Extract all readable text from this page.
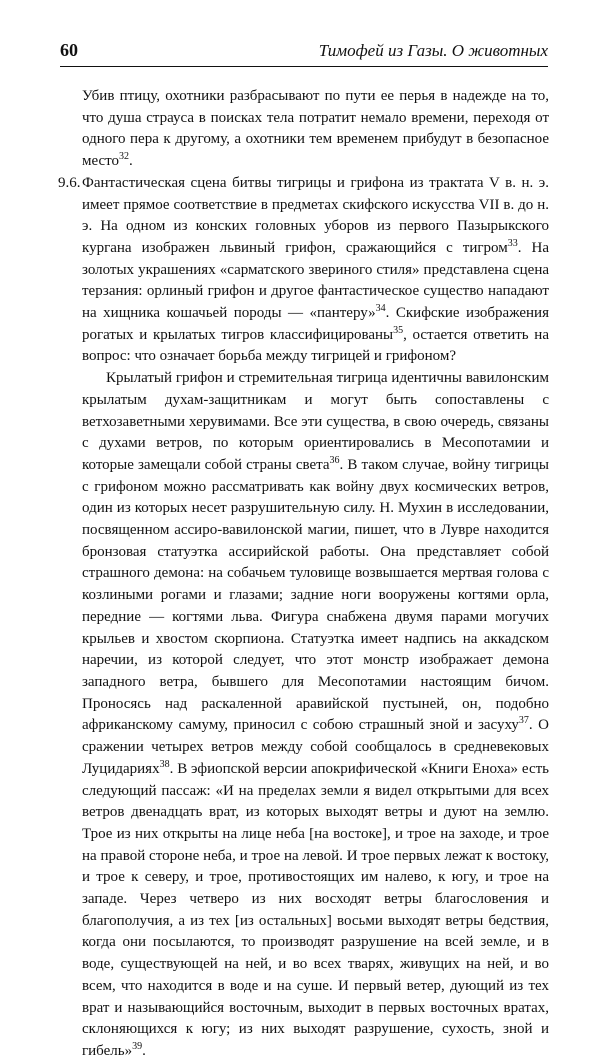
60	Тимофей из Газы. О животных

Убив птицу, охотники разбрасывают по пути ее перья в надежде на то, что душа страуса в поисках тела потратит немало времени, переходя от одного пера к другому, а охотники тем временем прибудут в безопасное место$^{32}$.

9.6. Фантастическая сцена битвы тигрицы и грифона из трактата V в. н. э. имеет прямое соответствие в предметах скифского искусства VII в. до н. э. На одном из конских головных уборов из первого Пазырыкского кургана изображен львиный грифон, сражающийся с тигром$^{33}$. На золотых украшениях «сарматского звериного стиля» представлена сцена терзания: орлиный грифон и другое фантастическое существо нападают на хищника кошачьей породы — «пантеру»$^{34}$. Скифские изображения рогатых и крылатых тигров классифицированы$^{35}$, остается ответить на вопрос: что означает борьба между тигрицей и грифоном?

Крылатый грифон и стремительная тигрица идентичны вавилонским крылатым духам-защитникам и могут быть сопоставлены с ветхозаветными херувимами. Все эти существа, в свою очередь, связаны с духами ветров, по которым ориентировались в Месопотамии и которые замещали собой страны света$^{36}$. В таком случае, войну тигрицы с грифоном можно рассматривать как войну двух космических ветров, один из которых несет разрушительную силу. Н. Мухин в исследовании, посвященном ассиро-вавилонской магии, пишет, что в Лувре находится бронзовая статуэтка ассирийской работы. Она представляет собой страшного демона: на собачьем туловище возвышается мертвая голова с козлиными рогами и глазами; задние ноги вооружены когтями орла, передние — когтями льва. Фигура снабжена двумя парами могучих крыльев и хвостом скорпиона. Статуэтка имеет надпись на аккадском наречии, из которой следует, что этот монстр изображает демона западного ветра, бывшего для Месопотамии настоящим бичом. Проносясь над раскаленной аравийской пустыней, он, подобно африканскому самуму, приносил с собою страшный зной и засуху$^{37}$. О сражении четырех ветров между собой сообщалось в средневековых Луцидариях$^{38}$. В эфиопской версии апокрифической «Книги Еноха» есть следующий пассаж: «И на пределах земли я видел открытыми для всех ветров двенадцать врат, из которых выходят ветры и дуют на землю. Трое из них открыты на лице неба [на востоке], и трое на заходе, и трое на правой стороне неба, и трое на левой. И трое первых лежат к востоку, и трое к северу, и трое, противостоящих им налево, к югу, и трое на западе. Через четверо из них восходят ветры благословения и благополучия, а из тех [из остальных] восьми выходят ветры бедствия, когда они посылаются, то производят разрушение на всей земле, и в воде, существующей на ней, и во всех тварях, живущих на ней, и во всем, что находится в воде и на суше. И первый ветер, дующий из тех врат и называющийся восточным, выходит в первых восточных вратах, склоняющихся к югу; из них выходят разрушение, сухость, зной и гибель»$^{39}$.
